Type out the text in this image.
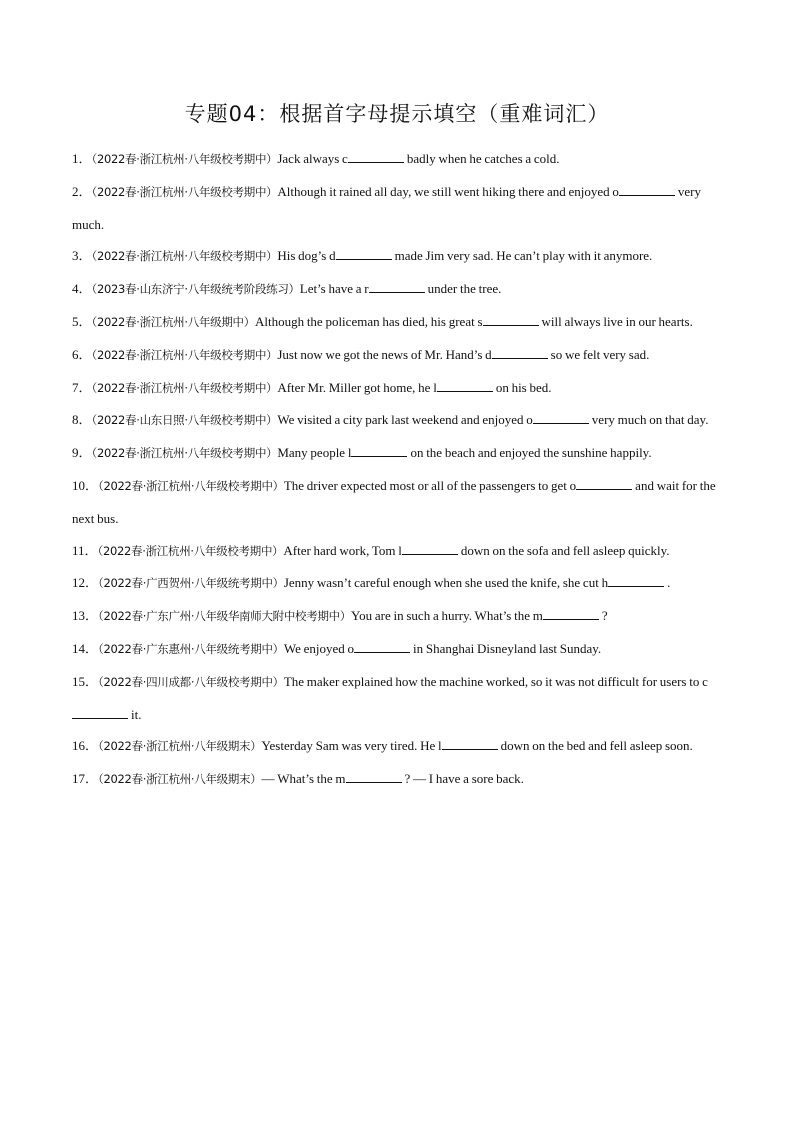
专题04：根据首字母提示填空（重难词汇）
1．（2022春·浙江杭州·八年级校考期中）Jack always c	badly when he catches a cold.
2．（2022春·浙江杭州·八年级校考期中）Although it rained all day, we still went hiking there and enjoyed o	very much.
3．（2022春·浙江杭州·八年级校考期中）His dog’s d	made Jim very sad. He can’t play with it anymore.
4．（2023春·山东济宁·八年级统考阶段练习）Let’s have a r	under the tree.
5．（2022春·浙江杭州·八年级期中）Although the policeman has died, his great s	will always live in our hearts.
6．（2022春·浙江杭州·八年级校考期中）Just now we got the news of Mr. Hand’s d	so we felt very sad.
7．（2022春·浙江杭州·八年级校考期中）After Mr. Miller got home, he l	on his bed.
8．（2022春·山东日照·八年级校考期中）We visited a city park last weekend and enjoyed o	very much on that day.
9．（2022春·浙江杭州·八年级校考期中）Many people l	on the beach and enjoyed the sunshine happily.
10．（2022春·浙江杭州·八年级校考期中）The driver expected most or all of the passengers to get o	and wait for the next bus.
11．（2022春·浙江杭州·八年级校考期中）After hard work, Tom l	down on the sofa and fell asleep quickly.
12．（2022春·广西贺州·八年级统考期中）Jenny wasn’t careful enough when she used the knife, she cut h	.
13．（2022春·广东广州·八年级华南师大附中校考期中）You are in such a hurry. What’s the m	?
14．（2022春·广东惠州·八年级统考期中）We enjoyed o	in Shanghai Disneyland last Sunday.
15．（2022春·四川成都·八年级校考期中）The maker explained how the machine worked, so it was not difficult for users to cit.
16．（2022春·浙江杭州·八年级期末）Yesterday Sam was very tired. He l	down on the bed and fell asleep soon.
17．（2022春·浙江杭州·八年级期末）— What’s the m	? — I have a sore back.
